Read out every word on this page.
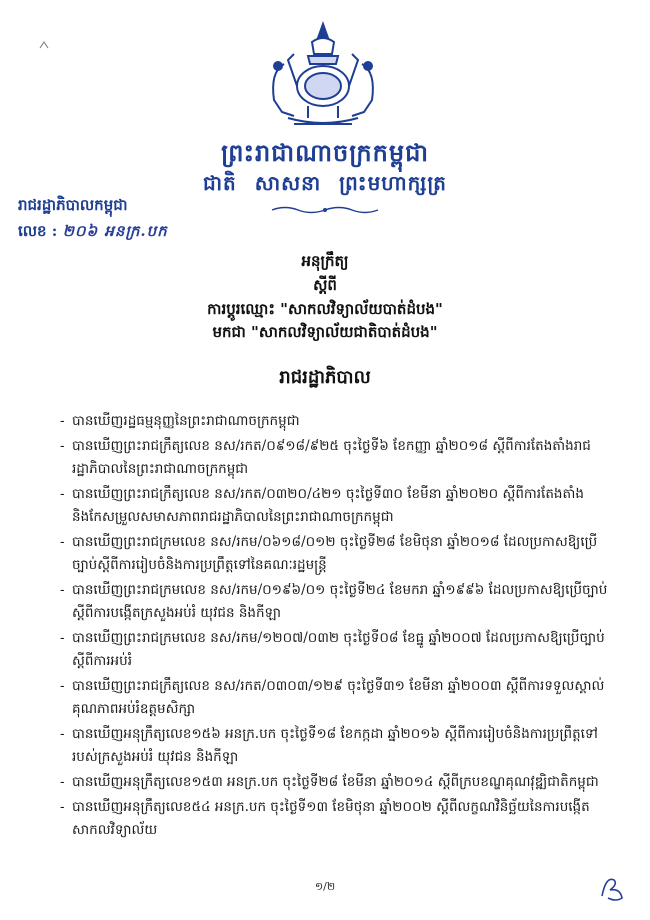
ព្រះរាជាណាចក្រកម្ពុជា
ជាតិ សាសនា ព្រះមហាក្សត្រ
រាជរដ្ឋាភិបាលកម្ពុជា
លេខ : ២០៦ អនក្រ.បក
អនុក្រឹត្យ
ស្តីពី
ការប្តូរឈ្មោះ "សាកលវិទ្យាល័យបាត់ដំបង"
មកជា "សាកលវិទ្យាល័យជាតិបាត់ដំបង"
រាជរដ្ឋាភិបាល
- បានឃើញរដ្ឋធម្មនុញ្ញនៃព្រះរាជាណាចក្រកម្ពុជា
- បានឃើញព្រះរាជក្រឹត្យលេខ នស/រកត/០៩១៨/៩២៥ ចុះថ្ងៃទី៦ ខែកញ្ញា ឆ្នាំ២០១៨ ស្តីពីការតែងតាំងរាជរដ្ឋាភិបាលនៃព្រះរាជាណាចក្រកម្ពុជា
- បានឃើញព្រះរាជក្រឹត្យលេខ នស/រកត/០៣២០/៤២១ ចុះថ្ងៃទី៣០ ខែមីនា ឆ្នាំ២០២០ ស្តីពីការតែងតាំងនិងកែសម្រួលសមាសភាពរាជរដ្ឋាភិបាលនៃព្រះរាជាណាចក្រកម្ពុជា
- បានឃើញព្រះរាជក្រមលេខ នស/រកម/០៦១៨/០១២ ចុះថ្ងៃទី២៨ ខែមិថុនា ឆ្នាំ២០១៨ ដែលប្រកាសឱ្យប្រើច្បាប់ស្តីពីការរៀបចំនិងការប្រព្រឹត្តទៅនៃគណៈរដ្ឋមន្ត្រី
- បានឃើញព្រះរាជក្រមលេខ នស/រកម/០១៩៦/០១ ចុះថ្ងៃទី២៤ ខែមករា ឆ្នាំ១៩៩៦ ដែលប្រកាសឱ្យប្រើច្បាប់ស្តីពីការបង្កើតក្រសួងអប់រំ យុវជន និងកីឡា
- បានឃើញព្រះរាជក្រមលេខ នស/រកម/១២០៧/០៣២ ចុះថ្ងៃទី០៨ ខែធ្នូ ឆ្នាំ២០០៧ ដែលប្រកាសឱ្យប្រើច្បាប់ស្តីពីការអប់រំ
- បានឃើញព្រះរាជក្រឹត្យលេខ នស/រកត/០៣០៣/១២៩ ចុះថ្ងៃទី៣១ ខែមីនា ឆ្នាំ២០០៣ ស្តីពីការទទួលស្គាល់គុណភាពអប់រំឧត្តមសិក្សា
- បានឃើញអនុក្រឹត្យលេខ១៥៦ អនក្រ.បក ចុះថ្ងៃទី១៨ ខែកក្កដា ឆ្នាំ២០១៦ ស្តីពីការរៀបចំនិងការប្រព្រឹត្តទៅរបស់ក្រសួងអប់រំ យុវជន និងកីឡា
- បានឃើញអនុក្រឹត្យលេខ១៥៣ អនក្រ.បក ចុះថ្ងៃទី២៨ ខែមីនា ឆ្នាំ២០១៤ ស្តីពីក្របខណ្ឌគុណវុឌ្ឍិជាតិកម្ពុជា
- បានឃើញអនុក្រឹត្យលេខ៥៤ អនក្រ.បក ចុះថ្ងៃទី១៣ ខែមិថុនា ឆ្នាំ២០០២ ស្តីពីលក្ខណវិនិច្ឆ័យនៃការបង្កើតសាកលវិទ្យាល័យ
១/២
